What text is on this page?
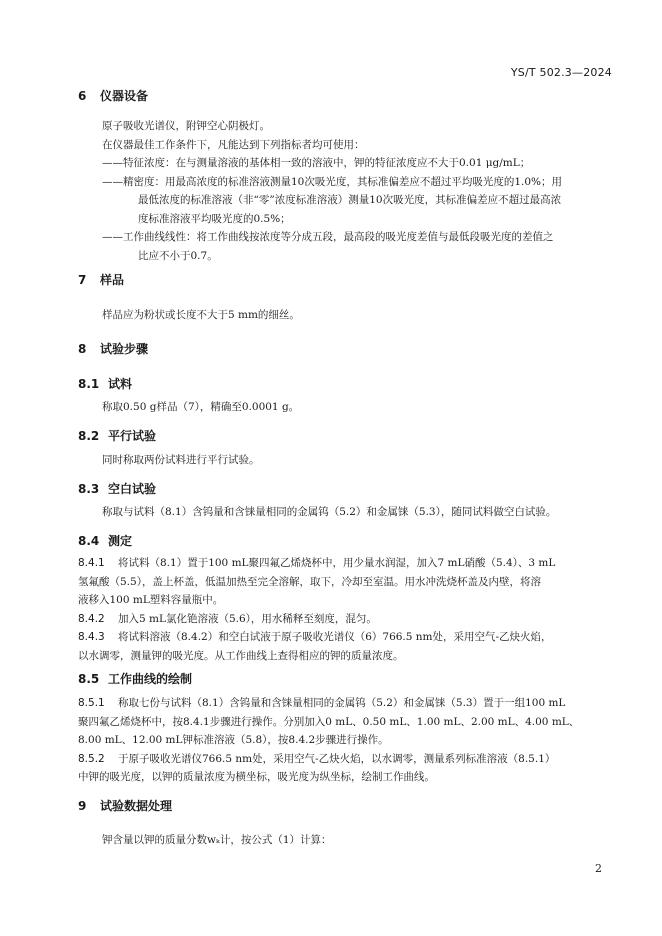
YS/T 502.3—2024
6 仪器设备
原子吸收光谱仪，附钾空心阴极灯。
在仪器最佳工作条件下，凡能达到下列指标者均可使用：
——特征浓度：在与测量溶液的基体相一致的溶液中，钾的特征浓度应不大于0.01 μg/mL；
——精密度：用最高浓度的标准溶液测量10次吸光度，其标准偏差应不超过平均吸光度的1.0%；用
最低浓度的标准溶液（非“零”浓度标准溶液）测量10次吸光度，其标准偏差应不超过最高浓
度标准溶液平均吸光度的0.5%；
——工作曲线线性：将工作曲线按浓度等分成五段，最高段的吸光度差值与最低段吸光度的差值之
比应不小于0.7。
7 样品
样品应为粉状或长度不大于5 mm的细丝。
8 试验步骤
8.1 试料
称取0.50 g样品（7），精确至0.0001 g。
8.2 平行试验
同时称取两份试料进行平行试验。
8.3 空白试验
称取与试料（8.1）含钨量和含铼量相同的金属钨（5.2）和金属铼（5.3），随同试料做空白试验。
8.4 测定
8.4.1 将试料（8.1）置于100 mL聚四氟乙烯烧杯中，用少量水润湿，加入7 mL硝酸（5.4）、3 mL
氢氟酸（5.5），盖上杯盖，低温加热至完全溶解，取下，冷却至室温。用水冲洗烧杯盖及内壁，将溶
液移入100 mL塑料容量瓶中。
8.4.2 加入5 mL氯化铯溶液（5.6），用水稀释至刻度，混匀。
8.4.3 将试料溶液（8.4.2）和空白试液于原子吸收光谱仪（6）766.5 nm处，采用空气-乙炔火焰，
以水调零，测量钾的吸光度。从工作曲线上查得相应的钾的质量浓度。
8.5 工作曲线的绘制
8.5.1 称取七份与试料（8.1）含钨量和含铼量相同的金属钨（5.2）和金属铼（5.3）置于一组100 mL
聚四氟乙烯烧杯中，按8.4.1步骤进行操作。分别加入0 mL、0.50 mL、1.00 mL、2.00 mL、4.00 mL、
8.00 mL、12.00 mL钾标准溶液（5.8），按8.4.2步骤进行操作。
8.5.2 于原子吸收光谱仪766.5 nm处，采用空气-乙炔火焰，以水调零，测量系列标准溶液（8.5.1）
中钾的吸光度，以钾的质量浓度为横坐标，吸光度为纵坐标，绘制工作曲线。
9 试验数据处理
钾含量以钾的质量分数wₖ计，按公式（1）计算：
2
